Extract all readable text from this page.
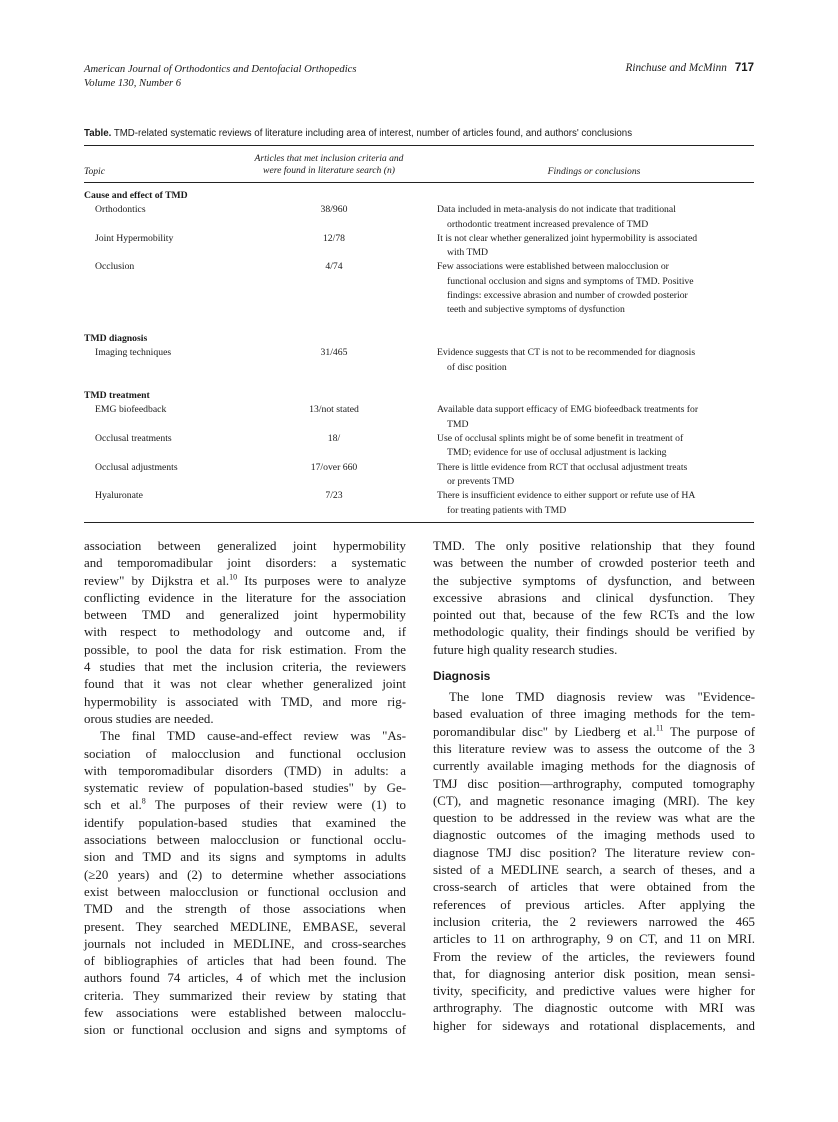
American Journal of Orthodontics and Dentofacial Orthopedics
Volume 130, Number 6
Rinchuse and McMinn 717
Table. TMD-related systematic reviews of literature including area of interest, number of articles found, and authors' conclusions
Topic
Articles that met inclusion criteria and
were found in literature search (n)	Findings or conclusions
Cause and effect of TMD
Orthodontics	38/960	Data included in meta-analysis do not indicate that traditional
orthodontic treatment increased prevalence of TMD
Joint Hypermobility	12/78	It is not clear whether generalized joint hypermobility is associated
with TMD
Occlusion	4/74	Few associations were established between malocclusion or
functional occlusion and signs and symptoms of TMD. Positive
findings: excessive abrasion and number of crowded posterior
teeth and subjective symptoms of dysfunction
TMD diagnosis
Imaging techniques	31/465	Evidence suggests that CT is not to be recommended for diagnosis
of disc position
TMD treatment
EMG biofeedback	13/not stated	Available data support efficacy of EMG biofeedback treatments for
TMD
Occlusal treatments	18/	Use of occlusal splints might be of some benefit in treatment of
TMD; evidence for use of occlusal adjustment is lacking
Occlusal adjustments	17/over 660	There is little evidence from RCT that occlusal adjustment treats
or prevents TMD
Hyaluronate	7/23	There is insufficient evidence to either support or refute use of HA
for treating patients with TMD

association between generalized joint hypermobility
and temporomadibular joint disorders: a systematic
review" by Dijkstra et al.$^{10}$ Its purposes were to analyze
conflicting evidence in the literature for the association
between TMD and generalized joint hypermobility
with respect to methodology and outcome and, if
possible, to pool the data for risk estimation. From the
4 studies that met the inclusion criteria, the reviewers
found that it was not clear whether generalized joint
hypermobility is associated with TMD, and more rig-
orous studies are needed.

The final TMD cause-and-effect review was "As-
sociation of malocclusion and functional occlusion
with temporomadibular disorders (TMD) in adults: a
systematic review of population-based studies" by Ge-
sch et al.$^8$ The purposes of their review were (1) to
identify population-based studies that examined the
associations between malocclusion or functional occlu-
sion and TMD and its signs and symptoms in adults
(≥20 years) and (2) to determine whether associations
exist between malocclusion or functional occlusion and
TMD and the strength of those associations when
present. They searched MEDLINE, EMBASE, several
journals not included in MEDLINE, and cross-searches
of bibliographies of articles that had been found. The
authors found 74 articles, 4 of which met the inclusion
criteria. They summarized their review by stating that
few associations were established between malocclu-
sion or functional occlusion and signs and symptoms of

TMD. The only positive relationship that they found
was between the number of crowded posterior teeth and
the subjective symptoms of dysfunction, and between
excessive abrasions and clinical dysfunction. They
pointed out that, because of the few RCTs and the low
methodologic quality, their findings should be verified by
future high quality research studies.

Diagnosis

The lone TMD diagnosis review was "Evidence-
based evaluation of three imaging methods for the tem-
poromandibular disc" by Liedberg et al.$^{11}$ The purpose of
this literature review was to assess the outcome of the 3
currently available imaging methods for the diagnosis of
TMJ disc position—arthrography, computed tomography
(CT), and magnetic resonance imaging (MRI). The key
question to be addressed in the review was what are the
diagnostic outcomes of the imaging methods used to
diagnose TMJ disc position? The literature review con-
sisted of a MEDLINE search, a search of theses, and a
cross-search of articles that were obtained from the
references of previous articles. After applying the
inclusion criteria, the 2 reviewers narrowed the 465
articles to 11 on arthrography, 9 on CT, and 11 on MRI.
From the review of the articles, the reviewers found
that, for diagnosing anterior disk position, mean sensi-
tivity, specificity, and predictive values were higher for
arthrography. The diagnostic outcome with MRI was
higher for sideways and rotational displacements, and
